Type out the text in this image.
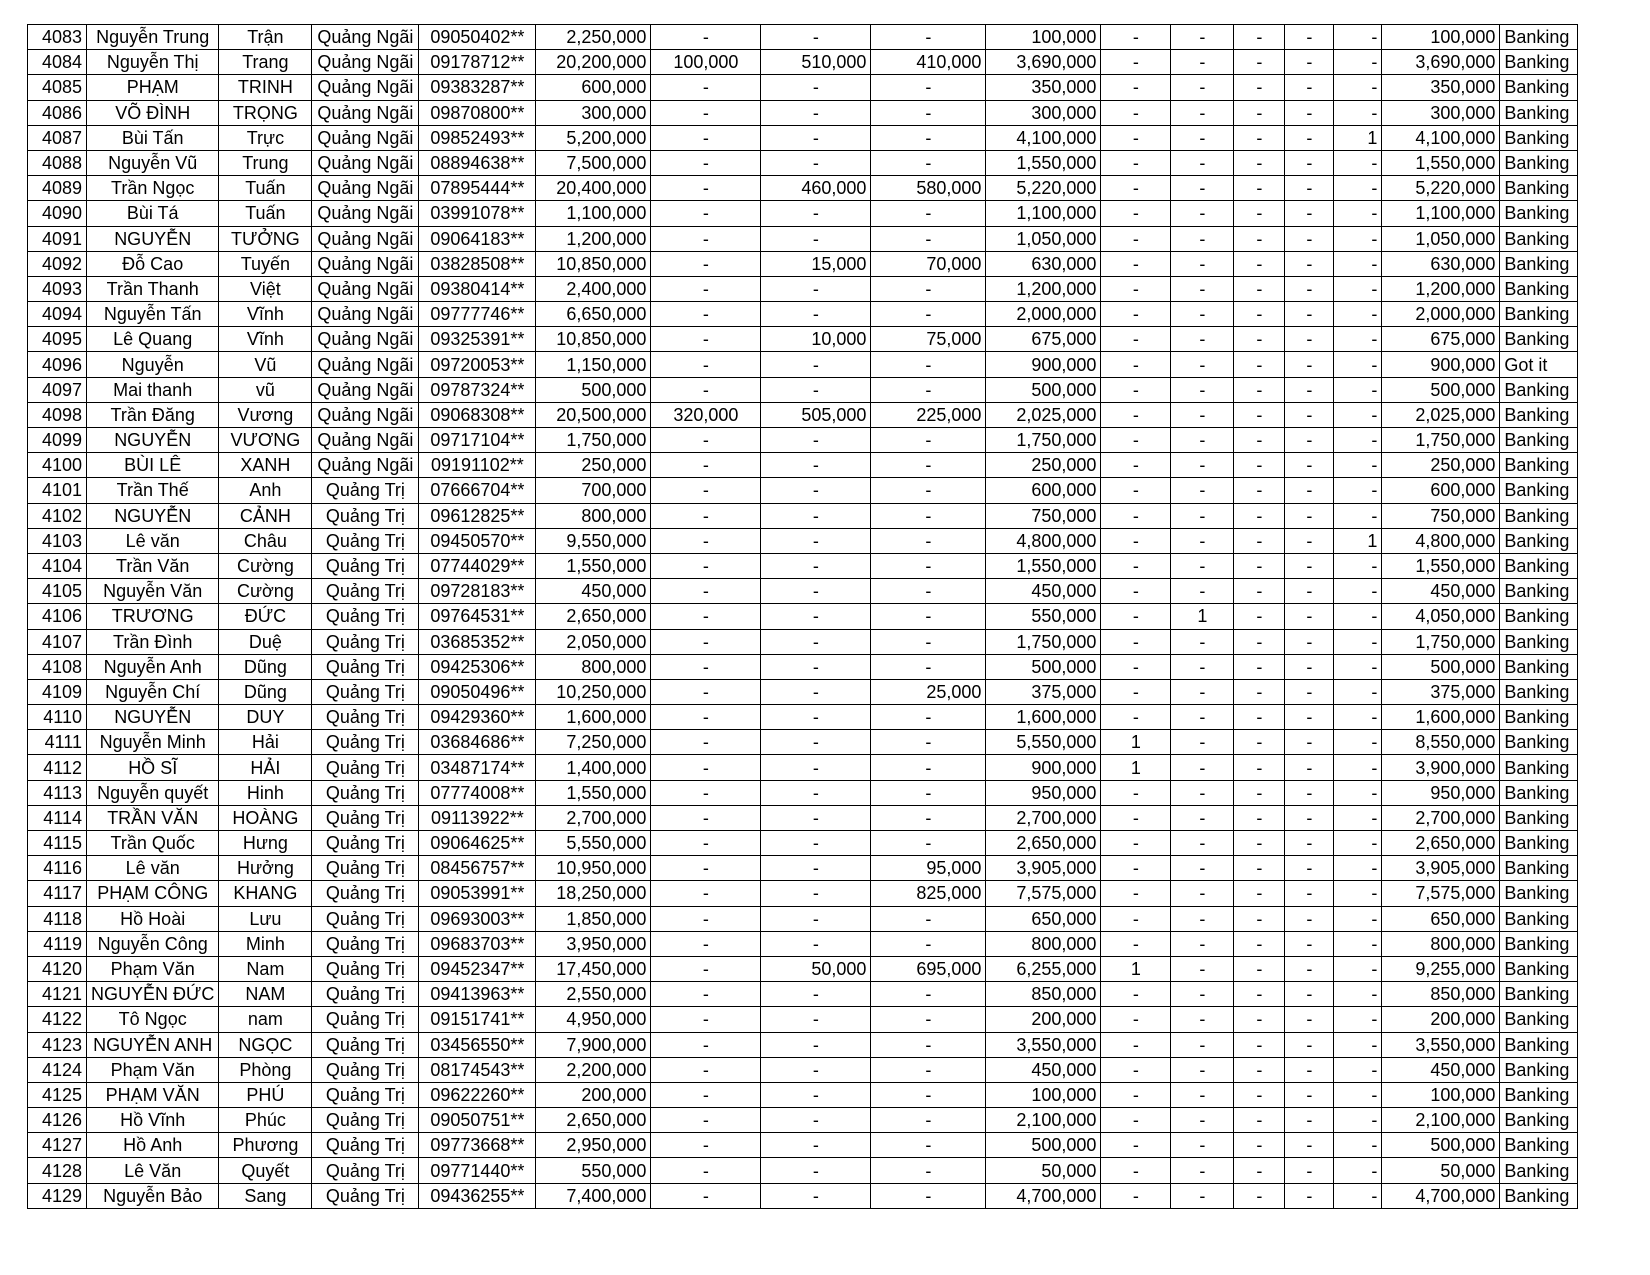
4083	Nguyễn Trung	Trận	Quảng Ngãi	09050402**	2,250,000	-	-	-	100,000	-	-	-	-	-	100,000	Banking
4084	Nguyễn Thị	Trang	Quảng Ngãi	09178712**	20,200,000	100,000	510,000	410,000	3,690,000	-	-	-	-	-	3,690,000	Banking
4085	PHẠM	TRINH	Quảng Ngãi	09383287**	600,000	-	-	-	350,000	-	-	-	-	-	350,000	Banking
4086	VÕ ĐÌNH	TRỌNG	Quảng Ngãi	09870800**	300,000	-	-	-	300,000	-	-	-	-	-	300,000	Banking
4087	Bùi Tấn	Trực	Quảng Ngãi	09852493**	5,200,000	-	-	-	4,100,000	-	-	-	-	1	4,100,000	Banking
4088	Nguyễn Vũ	Trung	Quảng Ngãi	08894638**	7,500,000	-	-	-	1,550,000	-	-	-	-	-	1,550,000	Banking
4089	Trần Ngọc	Tuấn	Quảng Ngãi	07895444**	20,400,000	-	460,000	580,000	5,220,000	-	-	-	-	-	5,220,000	Banking
4090	Bùi Tá	Tuấn	Quảng Ngãi	03991078**	1,100,000	-	-	-	1,100,000	-	-	-	-	-	1,100,000	Banking
4091	NGUYỄN	TƯỞNG	Quảng Ngãi	09064183**	1,200,000	-	-	-	1,050,000	-	-	-	-	-	1,050,000	Banking
4092	Đỗ Cao	Tuyến	Quảng Ngãi	03828508**	10,850,000	-	15,000	70,000	630,000	-	-	-	-	-	630,000	Banking
4093	Trần Thanh	Việt	Quảng Ngãi	09380414**	2,400,000	-	-	-	1,200,000	-	-	-	-	-	1,200,000	Banking
4094	Nguyễn Tấn	Vĩnh	Quảng Ngãi	09777746**	6,650,000	-	-	-	2,000,000	-	-	-	-	-	2,000,000	Banking
4095	Lê Quang	Vĩnh	Quảng Ngãi	09325391**	10,850,000	-	10,000	75,000	675,000	-	-	-	-	-	675,000	Banking
4096	Nguyễn	Vũ	Quảng Ngãi	09720053**	1,150,000	-	-	-	900,000	-	-	-	-	-	900,000	Got it
4097	Mai thanh	vũ	Quảng Ngãi	09787324**	500,000	-	-	-	500,000	-	-	-	-	-	500,000	Banking
4098	Trần Đăng	Vương	Quảng Ngãi	09068308**	20,500,000	320,000	505,000	225,000	2,025,000	-	-	-	-	-	2,025,000	Banking
4099	NGUYỄN	VƯƠNG	Quảng Ngãi	09717104**	1,750,000	-	-	-	1,750,000	-	-	-	-	-	1,750,000	Banking
4100	BÙI LÊ	XANH	Quảng Ngãi	09191102**	250,000	-	-	-	250,000	-	-	-	-	-	250,000	Banking
4101	Trần Thế	Anh	Quảng Trị	07666704**	700,000	-	-	-	600,000	-	-	-	-	-	600,000	Banking
4102	NGUYỄN	CẢNH	Quảng Trị	09612825**	800,000	-	-	-	750,000	-	-	-	-	-	750,000	Banking
4103	Lê văn	Châu	Quảng Trị	09450570**	9,550,000	-	-	-	4,800,000	-	-	-	-	1	4,800,000	Banking
4104	Trần Văn	Cường	Quảng Trị	07744029**	1,550,000	-	-	-	1,550,000	-	-	-	-	-	1,550,000	Banking
4105	Nguyễn Văn	Cường	Quảng Trị	09728183**	450,000	-	-	-	450,000	-	-	-	-	-	450,000	Banking
4106	TRƯƠNG	ĐỨC	Quảng Trị	09764531**	2,650,000	-	-	-	550,000	-	1	-	-	-	4,050,000	Banking
4107	Trần Đình	Duệ	Quảng Trị	03685352**	2,050,000	-	-	-	1,750,000	-	-	-	-	-	1,750,000	Banking
4108	Nguyễn Anh	Dũng	Quảng Trị	09425306**	800,000	-	-	-	500,000	-	-	-	-	-	500,000	Banking
4109	Nguyễn Chí	Dũng	Quảng Trị	09050496**	10,250,000	-	-	25,000	375,000	-	-	-	-	-	375,000	Banking
4110	NGUYỄN	DUY	Quảng Trị	09429360**	1,600,000	-	-	-	1,600,000	-	-	-	-	-	1,600,000	Banking
4111	Nguyễn Minh	Hải	Quảng Trị	03684686**	7,250,000	-	-	-	5,550,000	1	-	-	-	-	8,550,000	Banking
4112	HỒ SĨ	HẢI	Quảng Trị	03487174**	1,400,000	-	-	-	900,000	1	-	-	-	-	3,900,000	Banking
4113	Nguyễn quyết	Hinh	Quảng Trị	07774008**	1,550,000	-	-	-	950,000	-	-	-	-	-	950,000	Banking
4114	TRẦN VĂN	HOÀNG	Quảng Trị	09113922**	2,700,000	-	-	-	2,700,000	-	-	-	-	-	2,700,000	Banking
4115	Trần Quốc	Hưng	Quảng Trị	09064625**	5,550,000	-	-	-	2,650,000	-	-	-	-	-	2,650,000	Banking
4116	Lê văn	Hưởng	Quảng Trị	08456757**	10,950,000	-	-	95,000	3,905,000	-	-	-	-	-	3,905,000	Banking
4117	PHẠM CÔNG	KHANG	Quảng Trị	09053991**	18,250,000	-	-	825,000	7,575,000	-	-	-	-	-	7,575,000	Banking
4118	Hồ Hoài	Lưu	Quảng Trị	09693003**	1,850,000	-	-	-	650,000	-	-	-	-	-	650,000	Banking
4119	Nguyễn Công	Minh	Quảng Trị	09683703**	3,950,000	-	-	-	800,000	-	-	-	-	-	800,000	Banking
4120	Phạm Văn	Nam	Quảng Trị	09452347**	17,450,000	-	50,000	695,000	6,255,000	1	-	-	-	-	9,255,000	Banking
4121	NGUYỄN ĐỨC	NAM	Quảng Trị	09413963**	2,550,000	-	-	-	850,000	-	-	-	-	-	850,000	Banking
4122	Tô Ngọc	nam	Quảng Trị	09151741**	4,950,000	-	-	-	200,000	-	-	-	-	-	200,000	Banking
4123	NGUYỄN ANH	NGỌC	Quảng Trị	03456550**	7,900,000	-	-	-	3,550,000	-	-	-	-	-	3,550,000	Banking
4124	Phạm Văn	Phòng	Quảng Trị	08174543**	2,200,000	-	-	-	450,000	-	-	-	-	-	450,000	Banking
4125	PHẠM VĂN	PHÚ	Quảng Trị	09622260**	200,000	-	-	-	100,000	-	-	-	-	-	100,000	Banking
4126	Hồ Vĩnh	Phúc	Quảng Trị	09050751**	2,650,000	-	-	-	2,100,000	-	-	-	-	-	2,100,000	Banking
4127	Hồ Anh	Phương	Quảng Trị	09773668**	2,950,000	-	-	-	500,000	-	-	-	-	-	500,000	Banking
4128	Lê Văn	Quyết	Quảng Trị	09771440**	550,000	-	-	-	50,000	-	-	-	-	-	50,000	Banking
4129	Nguyễn Bảo	Sang	Quảng Trị	09436255**	7,400,000	-	-	-	4,700,000	-	-	-	-	-	4,700,000	Banking
